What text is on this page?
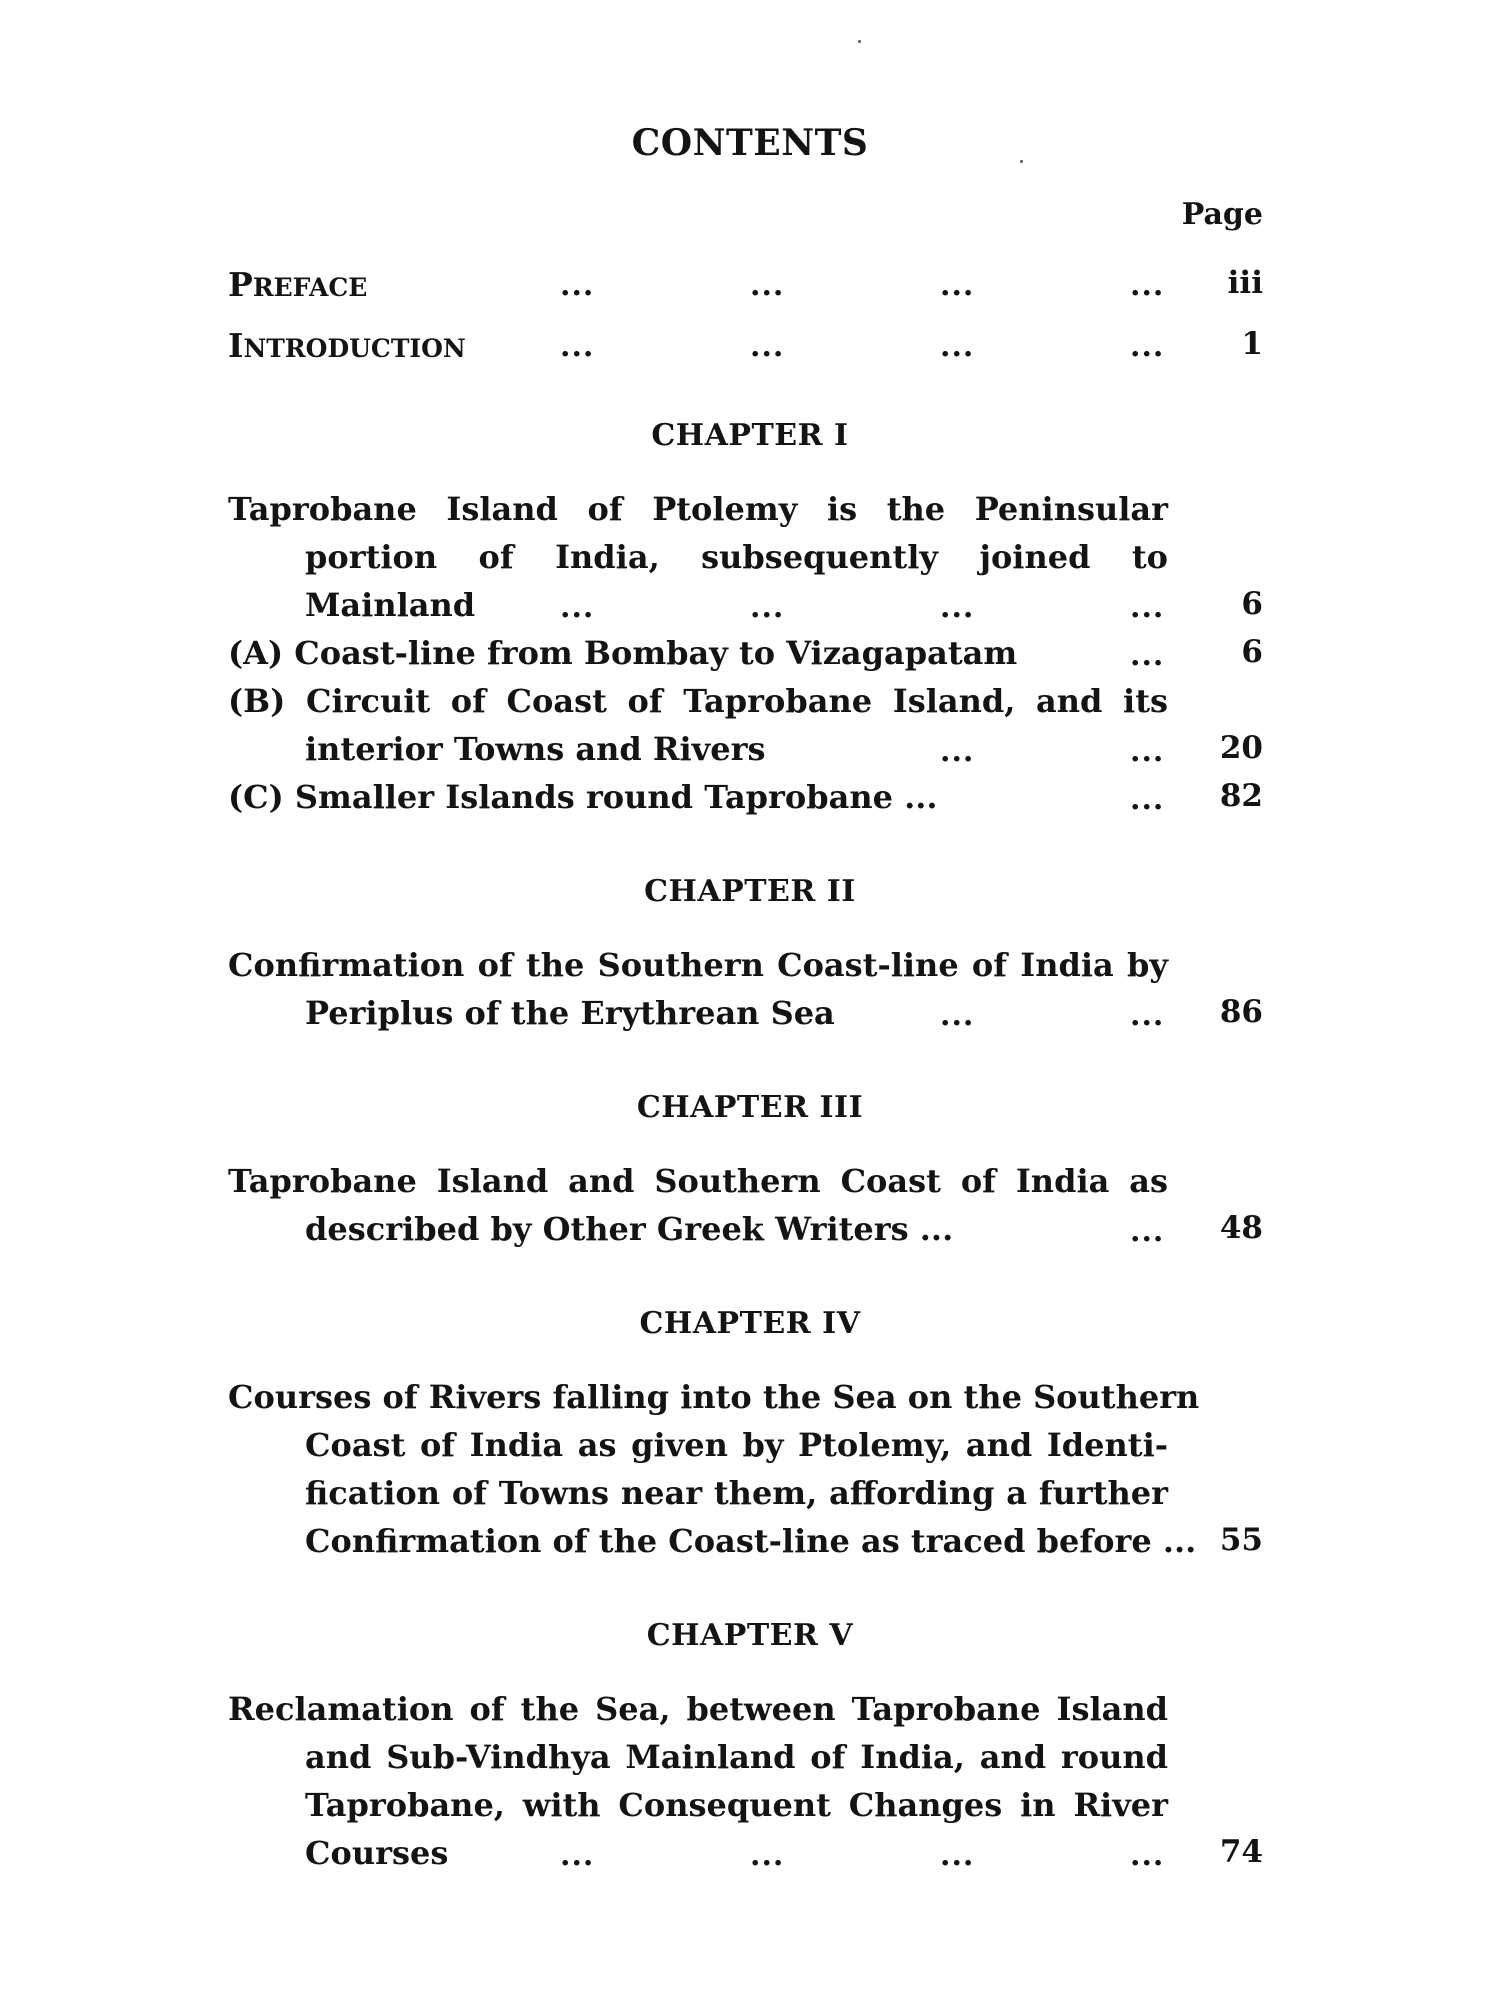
CONTENTS
Page
PREFACE	...	...	...	... iii
INTRODUCTION	...	...	...	... 1
CHAPTER I
Taprobane Island of Ptolemy is the Peninsular
portion of India, subsequently joined to
Mainland	...	...	...	... 6
(A) Coast-line from Bombay to Vizagapatam	... 6
(B) Circuit of Coast of Taprobane Island, and its
interior Towns and Rivers	...	... 20
(C) Smaller Islands round Taprobane ...	... 82
CHAPTER II
Confirmation of the Southern Coast-line of India by
Periplus of the Erythrean Sea	...	... 86
CHAPTER III
Taprobane Island and Southern Coast of India as
described by Other Greek Writers ...	... 48
CHAPTER IV
Courses of Rivers falling into the Sea on the Southern
Coast of India as given by Ptolemy, and Identi-
fication of Towns near them, affording a further
Confirmation of the Coast-line as traced before ... 55
CHAPTER V
Reclamation of the Sea, between Taprobane Island
and Sub-Vindhya Mainland of India, and round
Taprobane, with Consequent Changes in River
Courses	...	...	...	... 74
